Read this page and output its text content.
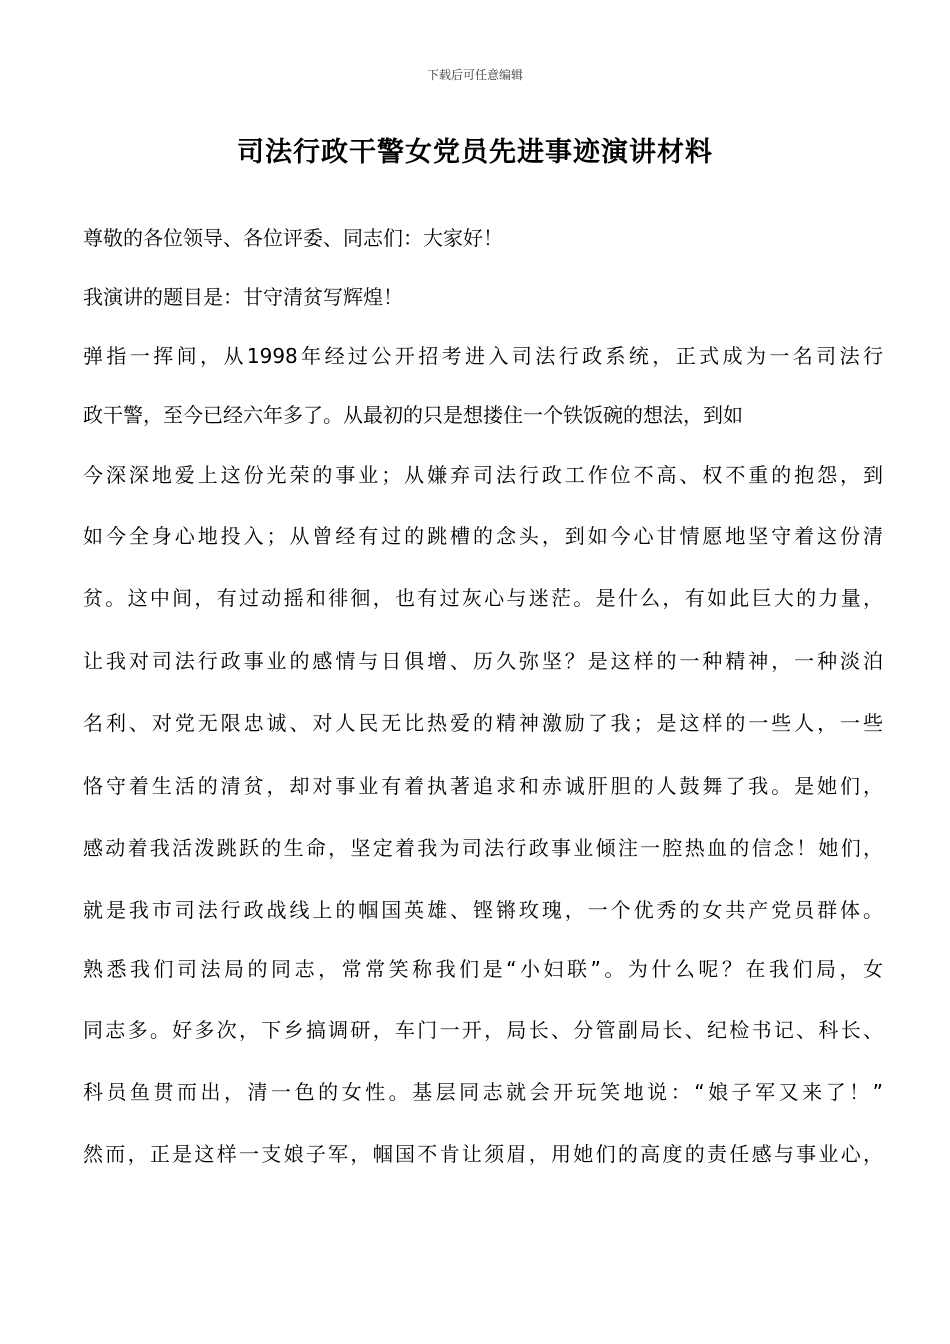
下载后可任意编辑
司法行政干警女党员先进事迹演讲材料
尊敬的各位领导、各位评委、同志们：大家好！
我演讲的题目是：甘守清贫写辉煌！
弹指一挥间，从1998年经过公开招考进入司法行政系统，正式成为一名司法行
政干警，至今已经六年多了。从最初的只是想搂住一个铁饭碗的想法，到如
今深深地爱上这份光荣的事业；从嫌弃司法行政工作位不高、权不重的抱怨，到
如今全身心地投入；从曾经有过的跳槽的念头，到如今心甘情愿地坚守着这份清
贫。这中间，有过动摇和徘徊，也有过灰心与迷茫。是什么，有如此巨大的力量，
让我对司法行政事业的感情与日俱增、历久弥坚？是这样的一种精神，一种淡泊
名利、对党无限忠诚、对人民无比热爱的精神激励了我；是这样的一些人，一些
恪守着生活的清贫，却对事业有着执著追求和赤诚肝胆的人鼓舞了我。是她们，
感动着我活泼跳跃的生命，坚定着我为司法行政事业倾注一腔热血的信念！她们，
就是我市司法行政战线上的帼国英雄、铿锵玫瑰，一个优秀的女共产党员群体。
熟悉我们司法局的同志，常常笑称我们是“小妇联”。为什么呢？在我们局，女
同志多。好多次，下乡搞调研，车门一开，局长、分管副局长、纪检书记、科长、
科员鱼贯而出，清一色的女性。基层同志就会开玩笑地说：“娘子军又来了！”
然而，正是这样一支娘子军，帼国不肯让须眉，用她们的高度的责任感与事业心，
